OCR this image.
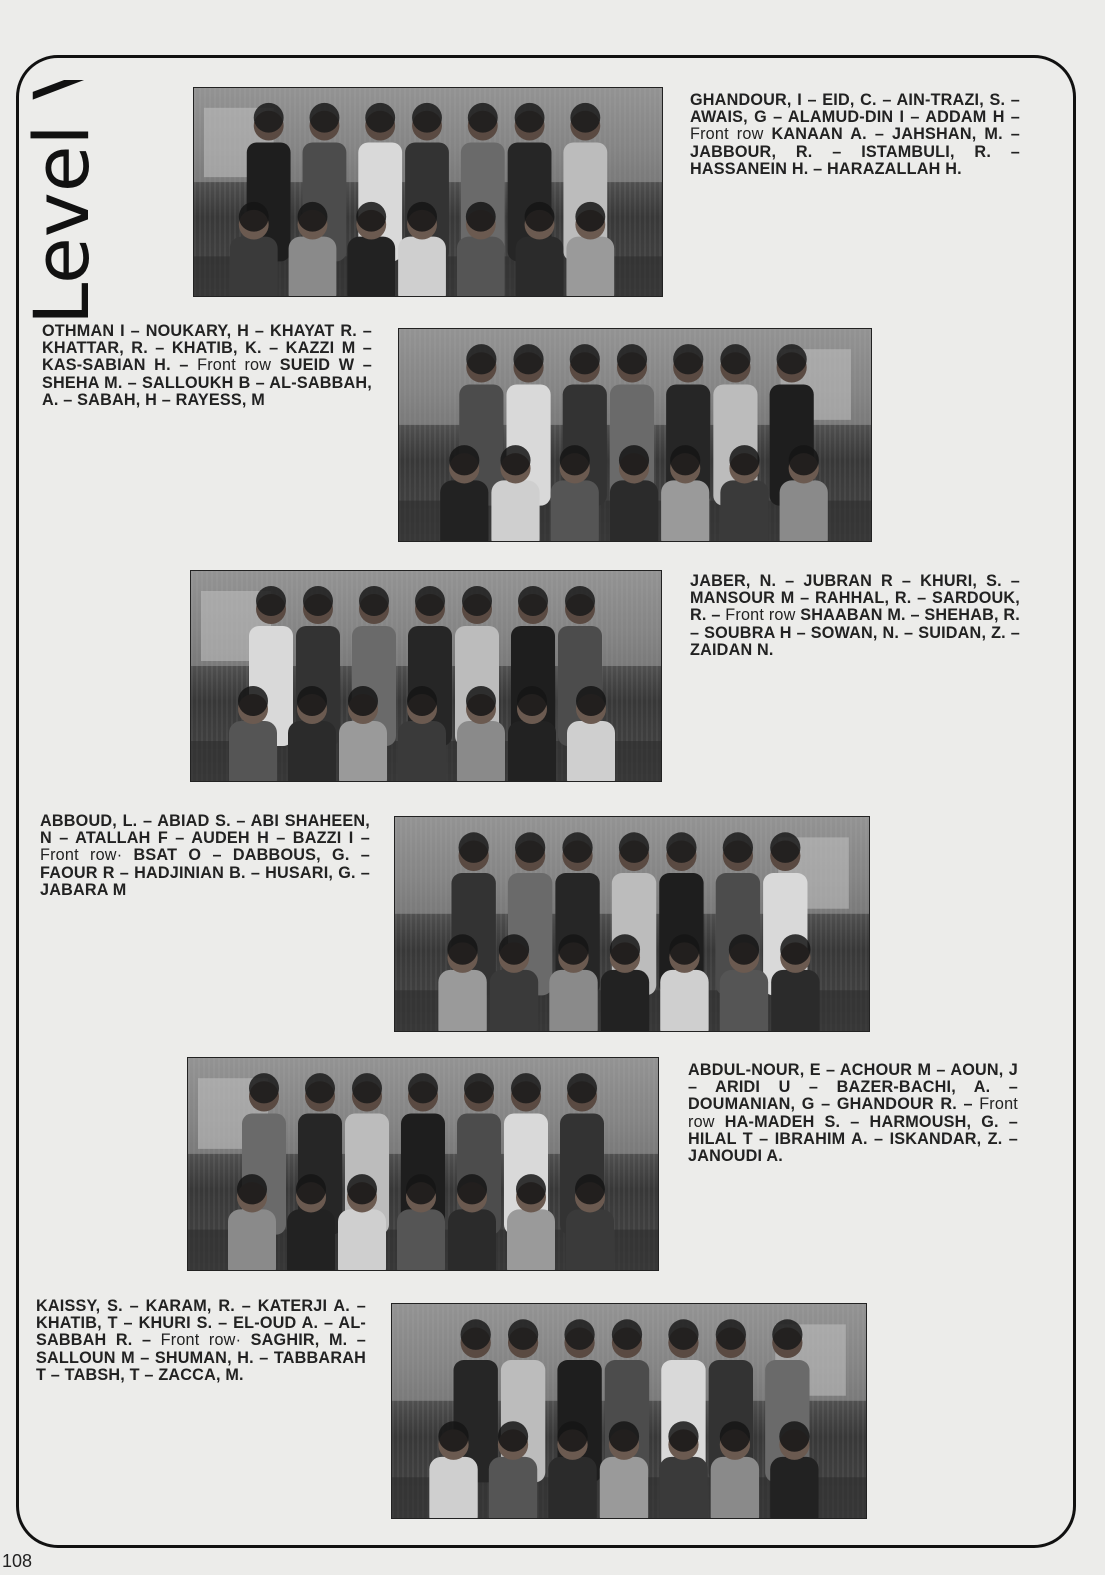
Level V	GHANDOUR, I – EID, C. – AIN-TRAZI, S. – AWAIS, G – ALAMUD-DIN I – ADDAM H – Front row KANAAN A. – JAHSHAN, M. – JABBOUR, R. – ISTAMBULI, R. – HASSANEIN H. – HARAZALLAH H.

OTHMAN I – NOUKARY, H – KHAYAT R. – KHATTAR, R. – KHATIB, K. – KAZZI M – KAS-SABIAN H. – Front row SUEID W – SHEHA M. – SALLOUKH B – AL-SABBAH, A. – SABAH, H – RAYESS, M

JABER, N. – JUBRAN R – KHURI, S. – MANSOUR M – RAHHAL, R. – SARDOUK, R. – Front row SHAABAN M. – SHEHAB, R. – SOUBRA H – SOWAN, N. – SUIDAN, Z. – ZAIDAN N.

ABBOUD, L. – ABIAD S. – ABI SHAHEEN, N – ATALLAH F – AUDEH H – BAZZI I – Front row· BSAT O – DABBOUS, G. – FAOUR R – HADJINIAN B. – HUSARI, G. – JABARA M

ABDUL-NOUR, E – ACHOUR M – AOUN, J – ARIDI U – BAZER-BACHI, A. – DOUMANIAN, G – GHANDOUR R. – Front row HA-MADEH S. – HARMOUSH, G. – HILAL T – IBRAHIM A. – ISKANDAR, Z. – JANOUDI A.

KAISSY, S. – KARAM, R. – KATERJI A. – KHATIB, T – KHURI S. – EL-OUD A. – AL-SABBAH R. – Front row· SAGHIR, M. – SALLOUN M – SHUMAN, H. – TABBARAH T – TABSH, T – ZACCA, M.

108
